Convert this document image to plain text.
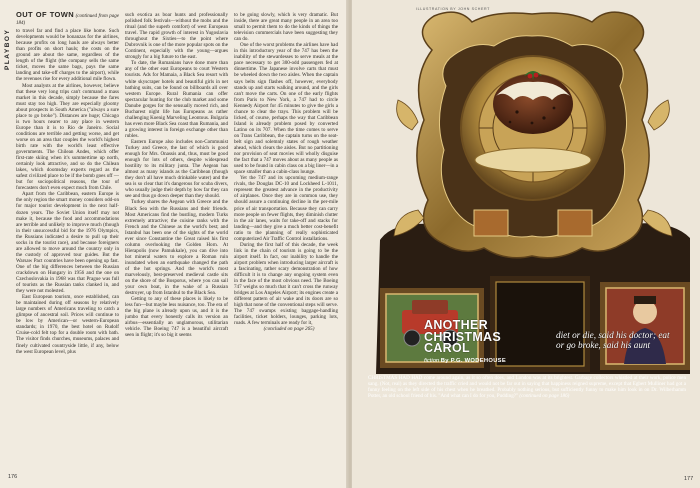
PLAYBOY
OUT OF TOWN (continued from page 184)

to travel far and find a place like home. Such developments would be bonanzas for the airlines, because profits on long hauls are always better than profits on short hauls; the costs on the ground are about the same, regardless of the length of the flight (the company sells the same ticket, moves the same bags, pays the same landing and take-off charges to the airport), while the revenues rise for every additional mile flown.

Most analysts at the airlines, however, believe that these very long trips can't command a mass market in this decade, simply because the fares must stay too high. They are especially gloomy about prospects in South America ("always a sure place to go broke"). Distances are huge; Chicago is two hours nearer to any place in western Europe than it is to Rio de Janeiro. Social conditions are terrible and getting worse, and get worse on an area that couples the world's highest birth rate with the world's least effective governments. The Chilean Andes, which offer first-rate skiing when it's summertime up north, certainly look attractive, and so do the Chilean lakes, which doomsday experts regard as the safest civilized place to be if the bomb goes off —but for sociopolitical reasons, the tour of forecasters don't even expect much from Chile.

Apart from the Caribbean, eastern Europe is the only region the smart money considers odd-on for major tourist development in the next half-dozen years. The Soviet Union itself may not make it, because the food and accommodations are terrible and unlikely to improve much (though in their unsuccessful bid for the 1976 Olympics, the Russians indicated a desire to pull up their socks in the tourist race), and because foreigners are allowed to move around the country only in the custody of approved tour guides. But the Warsaw Pact countries have been opening up fast. One of the big differences between the Russian crackdown on Hungary in 1956 and the one on Czechoslovakia in 1968 was that Prague was full of tourists as the Russian tanks clanked in, and they were not molested.

East European tourism, once established, can be maintained during off seasons by relatively large numbers of Americans traveling to catch a glimpse of ancestral soil. Prices will continue to be low by American—or western-European standards; in 1970, the best hotel on Rudolf Cruise-cold felt top for a double room with bath. The visitor finds churches, museums, palaces and finely cultivated countryside little, if any, below the west European level, plus

such exotica as boar hunts and professionally polished folk festivals—without the mobs and the ritual (and the superb comfort) of west European travel. The rapid growth of interest in Yugoslavia throughout the Sixties—to the point where Dubrovnik is one of the more popular spots on the Continent, especially with the young—argues strongly for a big future to the east.

To date, the Rumanians have done more than any of the other east Europeans to court Western tourists. Ads for Mamaia, a Black Sea resort with white skyscraper hotels and beautiful girls in net bathing suits, can be found on billboards all over western Europe. Rural Rumania can offer spectacular hunting for the club market and some Danube gorges for the sensually moved rich, and Bucharest night life has Europeans as rather challenging Koenig Marveling Leontous. Bulgaria has even more Black Sea coast than Rumania, and a growing interest in foreign exchange other than rubles.

Eastern Europe also includes non-Communist Turkey and Greece, the last of which is good enough for Mrs. Onassis and, thus, must be good enough for lots of others, despite widespread hostility to its military junta. The Aegean has almost as many islands as the Caribbean (though they don't all have much drinkable water) and the sea is so clear that it's dangerous for scuba divers, who usually judge their depth by how far they can see and thus go down deeper than they should.

Turkey shares the Aegean with Greece and the Black Sea with the Russians and their friends. Most Americans find the bustling, modern Turks extremely attractive; the cuisine ranks with the French and the Chinese as the world's best; and Istanbul has been one of the sights of the world ever since Constantine the Great raised his first column overlooking the Golden Horn. At Hierapolis (now Pamukkale), you can dive into hot mineral waters to explore a Roman ruin inundated when an earthquake changed the path of the hot springs. And the world's most marvelously, best-preserved medieval castle sits on the shore of the Bosporus, where you can sail your own boat, in the wake of a Russian destroyer, up from Istanbul to the Black Sea.

Getting to any of these places is likely to be less fun—but maybe less nuisance, too. The era of the big plane is already upon us, and it is the jumbo that every honestly calls its version an airbus—essentially an unglamorous, utilitarian vehicle. The Boeing 747 is a beautiful aircraft seen in flight; it's so big it seems

to be going slowly, which is very dramatic. But inside, there are great many people in an area too small to permit them to do the kinds of things the television commercials have been suggesting they can do.

One of the worst problems the airlines have had in this introductory year of the 747 has been the inability of the stewardesses to serve meals at the pace necessary to get 300-odd passengers fed at dinnertime. The Japanese involve carts that must be wheeled down the two aisles. When the captain says belts sign flashes off, however, everybody stands up and starts walking around, and the girls can't move the carts. On one of the early flights from Paris to New York, a 747 had to circle Kennedy Airport for 45 minutes to give the girls a chance to clear the trays. This problem will be licked, of course, perhaps the way that Caribbean Island is already problem posed by converted Latino on its 707. When the time comes to serve on Trans Caribbean, the captain turns on the seat-belt sign and solemnly states of rough weather ahead, which clears the aisles. But no partitioning nor provision of seat movies will wholly disguise the fact that a 747 moves about as many people as used to be found in cabin class on a big liner—in a space smaller than a cabin-class lounge.

Yet the 747 and its upcoming medium-range rivals, the Douglas DC-10 and Lockheed L-1011, represent the greatest advance in the productivity of airplanes. Once they are in common use, they should assure a continuing decline in the per-mile price of air transportation. Because they can carry more people on fewer flights, they diminish clutter in the air lanes, waits for take-off and stacks for landing—and they give a much better cost-benefit ratio to the planning of really sophisticated computerized Air Traffic Control installations.

During the first half of this decade, the week link in the chain of tourism is going to be the airport itself. In fact, our inability to handle the airport problem when introducing larger aircraft is a fascinating, rather scary demonstration of how difficult it is to change any ongoing system even in the face of the most obvious need. The Boeing 747 weighs so much that it can't cross the runway bridges at Los Angeles Airport; its engines create a different pattern of air wake and its doors are so high that none of the conventional steps will serve. The 747 swamps existing baggage-handling facilities, ticket holders, lounges, parking lots, roads. A few terminals are ready for it,

(concluded on page 265)

176
ILLUSTRATION BY JOHN SCHERT
ANOTHER
CHRISTMAS
CAROL
fiction By P.G. WODEHOUSE
diet or die, said his doctor; eat or go broke, said his aunt
CHRISTMAS HAD HAD come around again, as it so often does, and London was at its brightest. Garbage collectors whistled at their work, police men sang. (Not, real) as they directed the traffic cried and would not be far out in saying that happiness reigned supreme, except that Egbert Mulliner had got a funny feeling on the left side of his chest when he breathed. Probably nothing serious, but sufficiently funny to make him look in on Dr. Wilberhamm Potter, an old school friend of his. "And what can I do for you, Pudding?" (continued on page 186)
177
